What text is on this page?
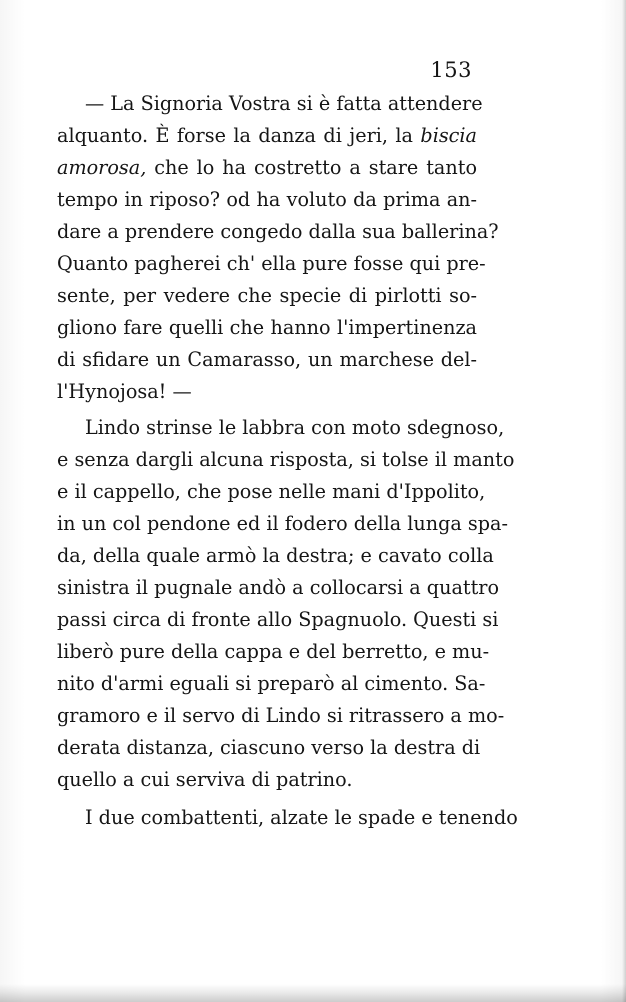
153
— La Signoria Vostra si è fatta attendere
alquanto. È forse la danza di jeri, la biscia
amorosa, che lo ha costretto a stare tanto
tempo in riposo? od ha voluto da prima an-
dare a prendere congedo dalla sua ballerina?
Quanto pagherei ch' ella pure fosse qui pre-
sente, per vedere che specie di pirlotti so-
gliono fare quelli che hanno l'impertinenza
di sfidare un Camarasso, un marchese del-
l'Hynojosa! —
Lindo strinse le labbra con moto sdegnoso,
e senza dargli alcuna risposta, si tolse il manto
e il cappello, che pose nelle mani d'Ippolito,
in un col pendone ed il fodero della lunga spa-
da, della quale armò la destra; e cavato colla
sinistra il pugnale andò a collocarsi a quattro
passi circa di fronte allo Spagnuolo. Questi si
liberò pure della cappa e del berretto, e mu-
nito d'armi eguali si preparò al cimento. Sa-
gramoro e il servo di Lindo si ritrassero a mo-
derata distanza, ciascuno verso la destra di
quello a cui serviva di patrino.
I due combattenti, alzate le spade e tenendo
